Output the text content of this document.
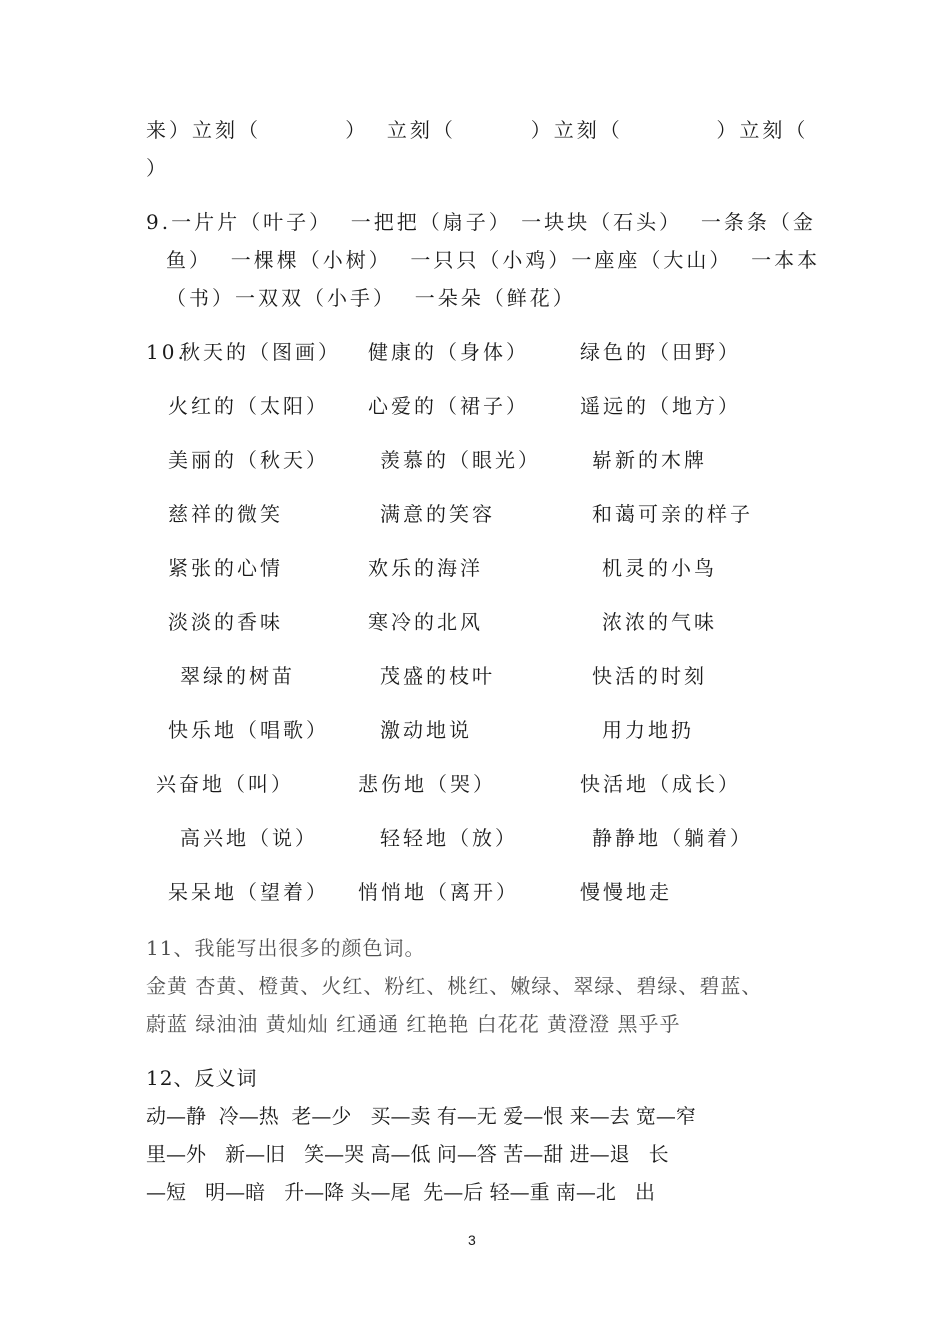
来）立刻（         ）  立刻（        ）立刻（          ）立刻（
）
9.一片片（叶子）  一把把（扇子） 一块块（石头）  一条条（金
鱼）  一棵棵（小树）  一只只（小鸡）一座座（大山）  一本本
（书）一双双（小手）  一朵朵（鲜花）
10.
秋天的（图画） 健康的（身体）	绿色的（田野）
火红的（太阳） 心爱的（裙子）	遥远的（地方）
美丽的（秋天）	羡慕的（眼光）	崭新的木牌
慈祥的微笑	满意的笑容	和蔼可亲的样子
紧张的心情	欢乐的海洋	机灵的小鸟
淡淡的香味	寒冷的北风	浓浓的气味
翠绿的树苗	茂盛的枝叶	快活的时刻
快乐地（唱歌）	激动地说	用力地扔
兴奋地（叫）	悲伤地（哭）	快活地（成长）
高兴地（说）	轻轻地（放）	静静地（躺着）
呆呆地（望着） 悄悄地（离开）	慢慢地走
11、我能写出很多的颜色词。
金黄 杏黄、橙黄、火红、粉红、桃红、嫩绿、翠绿、碧绿、碧蓝、
蔚蓝 绿油油 黄灿灿 红通通 红艳艳 白花花 黄澄澄 黑乎乎
12、反义词
动—静  冷—热  老—少   买—卖 有—无 爱—恨 来—去 宽—窄
里—外   新—旧   笑—哭 高—低 问—答 苦—甜 进—退   长
—短   明—暗   升—降 头—尾  先—后 轻—重 南—北   出
3
